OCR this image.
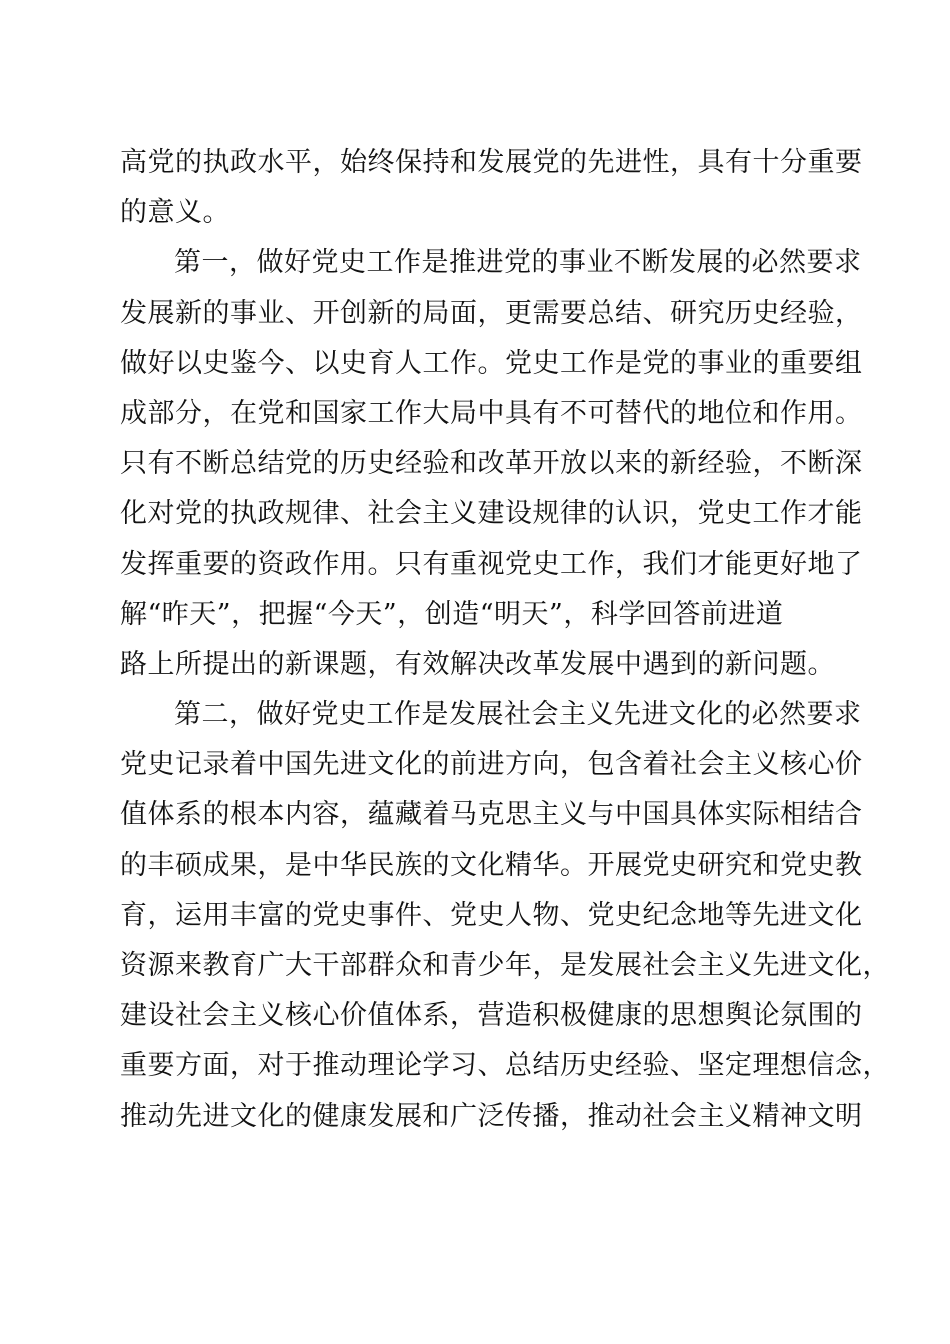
高党的执政水平，始终保持和发展党的先进性，具有十分重要
的意义。

第一，做好党史工作是推进党的事业不断发展的必然要求
发展新的事业、开创新的局面，更需要总结、研究历史经验，
做好以史鉴今、以史育人工作。党史工作是党的事业的重要组
成部分，在党和国家工作大局中具有不可替代的地位和作用。
只有不断总结党的历史经验和改革开放以来的新经验，不断深
化对党的执政规律、社会主义建设规律的认识，党史工作才能
发挥重要的资政作用。只有重视党史工作，我们才能更好地了
解“昨天”，把握“今天”，创造“明天”，科学回答前进道
路上所提出的新课题，有效解决改革发展中遇到的新问题。

第二，做好党史工作是发展社会主义先进文化的必然要求
党史记录着中国先进文化的前进方向，包含着社会主义核心价
值体系的根本内容，蕴藏着马克思主义与中国具体实际相结合
的丰硕成果，是中华民族的文化精华。开展党史研究和党史教
育，运用丰富的党史事件、党史人物、党史纪念地等先进文化
资源来教育广大干部群众和青少年，是发展社会主义先进文化，
建设社会主义核心价值体系，营造积极健康的思想舆论氛围的
重要方面，对于推动理论学习、总结历史经验、坚定理想信念，
推动先进文化的健康发展和广泛传播，推动社会主义精神文明
